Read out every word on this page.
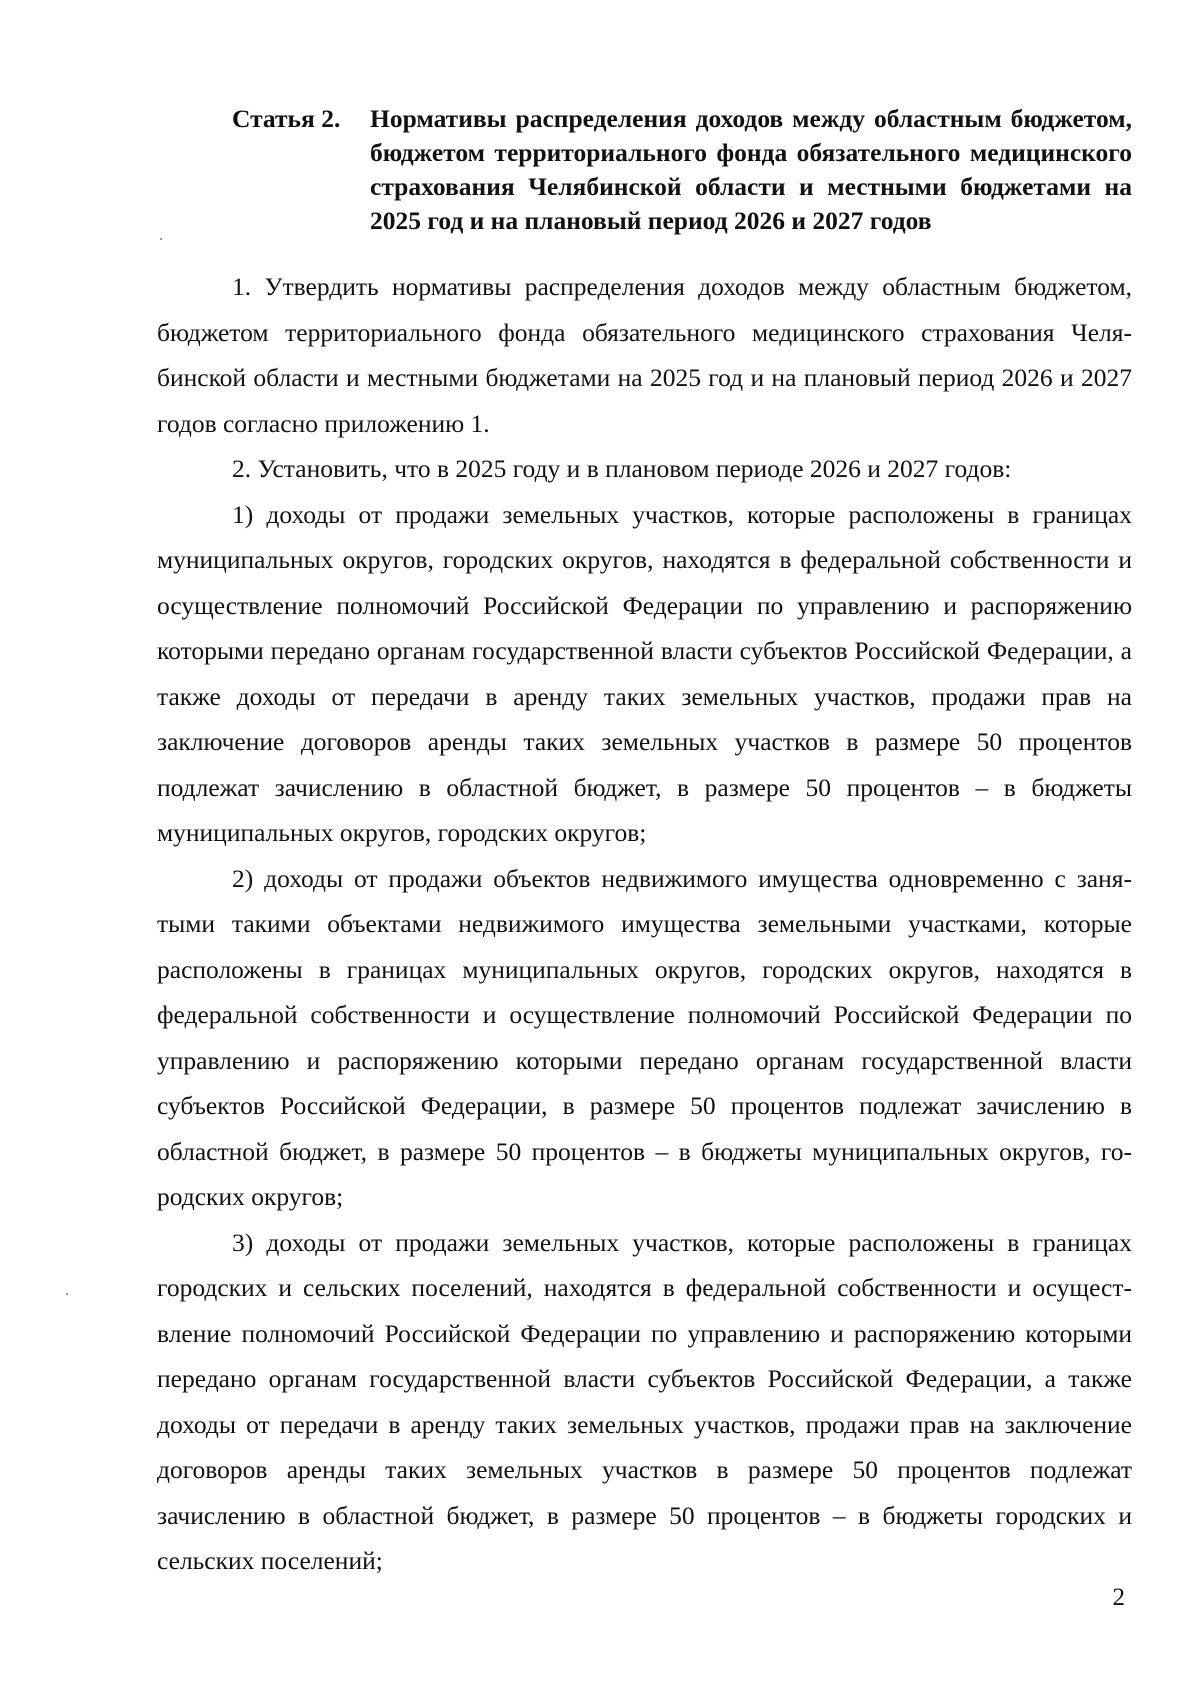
Статья 2.	Нормативы распределения доходов между областным бюджетом, бюджетом территориального фонда обязательного медицинского страхования Челябинской области и местными бюджетами на 2025 год и на плановый период 2026 и 2027 годов

1. Утвердить нормативы распределения доходов между областным бюджетом, бюджетом территориального фонда обязательного медицинского страхования Челябинской области и местными бюджетами на 2025 год и на плановый период 2026 и 2027 годов согласно приложению 1.

2. Установить, что в 2025 году и в плановом периоде 2026 и 2027 годов:

1) доходы от продажи земельных участков, которые расположены в границах муниципальных округов, городских округов, находятся в федеральной собственности и осуществление полномочий Российской Федерации по управлению и распоряжению которыми передано органам государственной власти субъектов Российской Федерации, а также доходы от передачи в аренду таких земельных участков, продажи прав на заключение договоров аренды таких земельных участков в размере 50 процентов подлежат зачислению в областной бюджет, в размере 50 процентов – в бюджеты муниципальных округов, городских округов;

2) доходы от продажи объектов недвижимого имущества одновременно с занятыми такими объектами недвижимого имущества земельными участками, которые расположены в границах муниципальных округов, городских округов, находятся в федеральной собственности и осуществление полномочий Российской Федерации по управлению и распоряжению которыми передано органам государственной власти субъектов Российской Федерации, в размере 50 процентов подлежат зачислению в областной бюджет, в размере 50 процентов – в бюджеты муниципальных округов, городских округов;

3) доходы от продажи земельных участков, которые расположены в границах городских и сельских поселений, находятся в федеральной собственности и осуществление полномочий Российской Федерации по управлению и распоряжению которыми передано органам государственной власти субъектов Российской Федерации, а также доходы от передачи в аренду таких земельных участков, продажи прав на заключение договоров аренды таких земельных участков в размере 50 процентов подлежат зачислению в областной бюджет, в размере 50 процентов – в бюджеты городских и сельских поселений;

2
